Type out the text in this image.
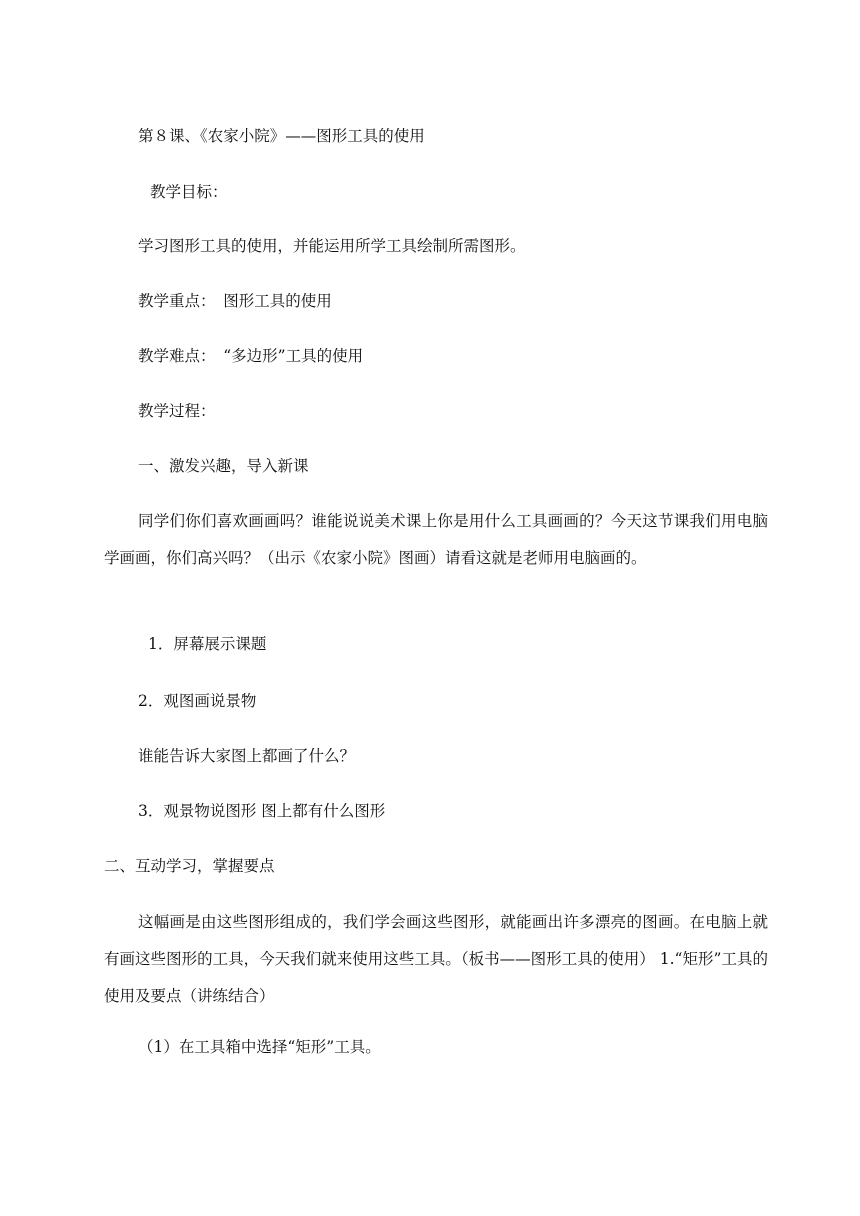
第８课、《农家小院》——图形工具的使用

教学目标：

学习图形工具的使用，并能运用所学工具绘制所需图形。

教学重点：　图形工具的使用

教学难点：　“多边形”工具的使用

教学过程：

一、激发兴趣，导入新课

同学们你们喜欢画画吗？谁能说说美术课上你是用什么工具画画的？今天这节课我们用电脑学画画，你们高兴吗？（出示《农家小院》图画）请看这就是老师用电脑画的。

1．屏幕展示课题

2．观图画说景物

谁能告诉大家图上都画了什么？

3．观景物说图形 图上都有什么图形

二、互动学习，掌握要点

这幅画是由这些图形组成的，我们学会画这些图形，就能画出许多漂亮的图画。在电脑上就有画这些图形的工具，今天我们就来使用这些工具。（板书——图形工具的使用） 1.“矩形”工具的使用及要点（讲练结合）

（1）在工具箱中选择“矩形”工具。
